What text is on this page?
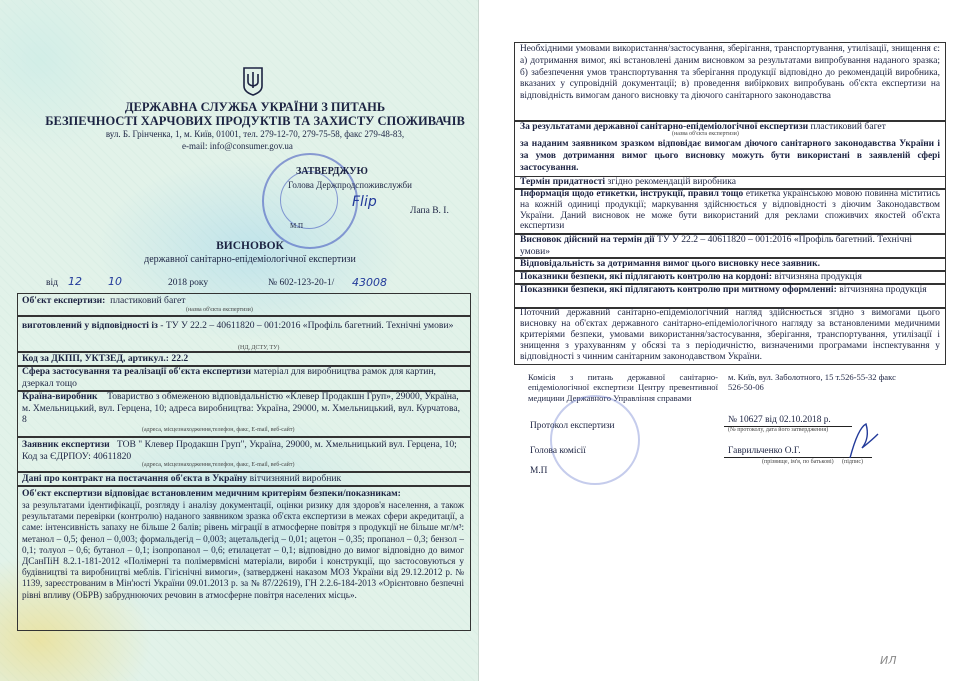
ДЕРЖАВНА СЛУЖБА УКРАЇНИ З ПИТАНЬ
БЕЗПЕЧНОСТІ ХАРЧОВИХ ПРОДУКТІВ ТА ЗАХИСТУ СПОЖИВАЧІВ
вул. Б. Грінченка, 1, м. Київ, 01001, тел. 279-12-70, 279-75-58, факс 279-48-83,
e-mail: info@consumer.gov.ua
ЗАТВЕРДЖУЮ
Голова Держпродспоживслужби
Flip
Лапа В. І.
М.П
ВИСНОВОК
державної санітарно-епідеміологічної експертизи
від 12 10	2018 року	№ 602-123-20-1/ 43008
Об'єкт експертизи: пластиковий багет
(назва об'єкта експертизи)
виготовлений у відповідності із - ТУ У 22.2 – 40611820 – 001:2016 «Профіль багетний. Технічні умови»
(НД, ДСТУ, ТУ)
Код за ДКПП, УКТЗЕД, артикул.: 22.2
Сфера застосування та реалізації об'єкта експертизи матеріал для виробництва рамок для картин, дзеркал тощо
Країна-виробник Товариство з обмеженою відповідальністю «Клевер Продакшн Груп», 29000, Україна, м. Хмельницький, вул. Герцена, 10; адреса виробництва: Україна, 29000, м. Хмельницький, вул. Курчатова, 8
(адреса, місцезнаходження,телефон, факс, E-mail, веб-сайт)
Заявник експертизи ТОВ " Клевер Продакшн Груп", Україна, 29000, м. Хмельницький вул. Герцена, 10; Код за ЄДРПОУ: 40611820
(адреса, місцезнаходження,телефон, факс, E-mail, веб-сайт)
Дані про контракт на постачання об'єкта в Україну вітчизняний виробник
Об'єкт експертизи відповідає встановленим медичним критеріям безпеки/показникам:
за результатами ідентифікації, розгляду і аналізу документації, оцінки ризику для здоров'я населення, а також результатами перевірки (контролю) наданого заявником зразка об'єкта експертизи в межах сфери акредитації, а саме: інтенсивність запаху не більше 2 балів; рівень міграції в атмосферне повітря з продукції не більше мг/м³: метанол – 0,5; фенол – 0,003; формальдегід – 0,003; ацетальдегід – 0,01; ацетон – 0,35; пропанол – 0,3; бензол – 0,1; толуол – 0,6; бутанол – 0,1; ізопропанол – 0,6; етилацетат – 0,1; відповідно до вимог відповідно до вимог ДСанПіН 8.2.1-181-2012 «Полімерні та полімервмісні матеріали, вироби і конструкції, що застосовуються у будівництві та виробництві меблів. Гігієнічні вимоги», (затверджені наказом МОЗ України від 29.12.2012 р. № 1139, зареєстрованим в Мін'юсті України 09.01.2013 р. за № 87/22619), ГН 2.2.6-184-2013 «Орієнтовно безпечні рівні впливу (ОБРВ) забруднюючих речовин в атмосферне повітря населених місць».
Необхідними умовами використання/застосування, зберігання, транспортування, утилізації, знищення є: а) дотримання вимог, які встановлені даним висновком за результатами випробування наданого зразка; б) забезпечення умов транспортування та зберігання продукції відповідно до рекомендацій виробника, вказаних у супровідній документації; в) проведення вибіркових випробувань об'єкта експертизи на відповідність вимогам даного висновку та діючого санітарного законодавства
За результатами державної санітарно-епідеміологічної експертизи пластиковий багет
(назва об'єкта експертизи)
за наданим заявником зразком відповідає вимогам діючого санітарного законодавства України і за умов дотримання вимог цього висновку можуть бути використані в заявленій сфері застосування.
Термін придатності згідно рекомендацій виробника
Інформація щодо етикетки, інструкції, правил тощо етикетка українською мовою повинна міститись на кожній одиниці продукції; маркування здійснюється у відповідності з діючим Законодавством України. Даний висновок не може бути використаний для реклами споживчих якостей об'єкта експертизи
Висновок дійсний на термін дії ТУ У 22.2 – 40611820 – 001:2016 «Профіль багетний. Технічні умови»
Відповідальність за дотримання вимог цього висновку несе заявник.
Показники безпеки, які підлягають контролю на кордоні: вітчизняна продукція
Показники безпеки, які підлягають контролю при митному оформленні: вітчизняна продукція
Поточний державний санітарно-епідеміологічний нагляд здійснюється згідно з вимогами цього висновку на об'єктах державного санітарно-епідеміологічного нагляду за встановленими медичними критеріями безпеки, умовами використання/застосування, зберігання, транспортування, утилізації і знищення з урахуванням у обсязі та з періодичністю, визначеними програмами інспектування у відповідності з чинним санітарним законодавством України.
Комісія з питань державної санітарно-епідеміологічної експертизи Центру превентивної медицини Державного Управління справами
м. Київ, вул. Заболотного, 15 т.526-55-32 факс 526-50-06
Протокол експертизи
№ 10627 від 02.10.2018 р.
(№ протоколу, дата його затвердження)
Голова комісії	Гаврильченко О.Г.
(прізвище, ім'я, по батькові) (підпис)
М.П
ИЛ
